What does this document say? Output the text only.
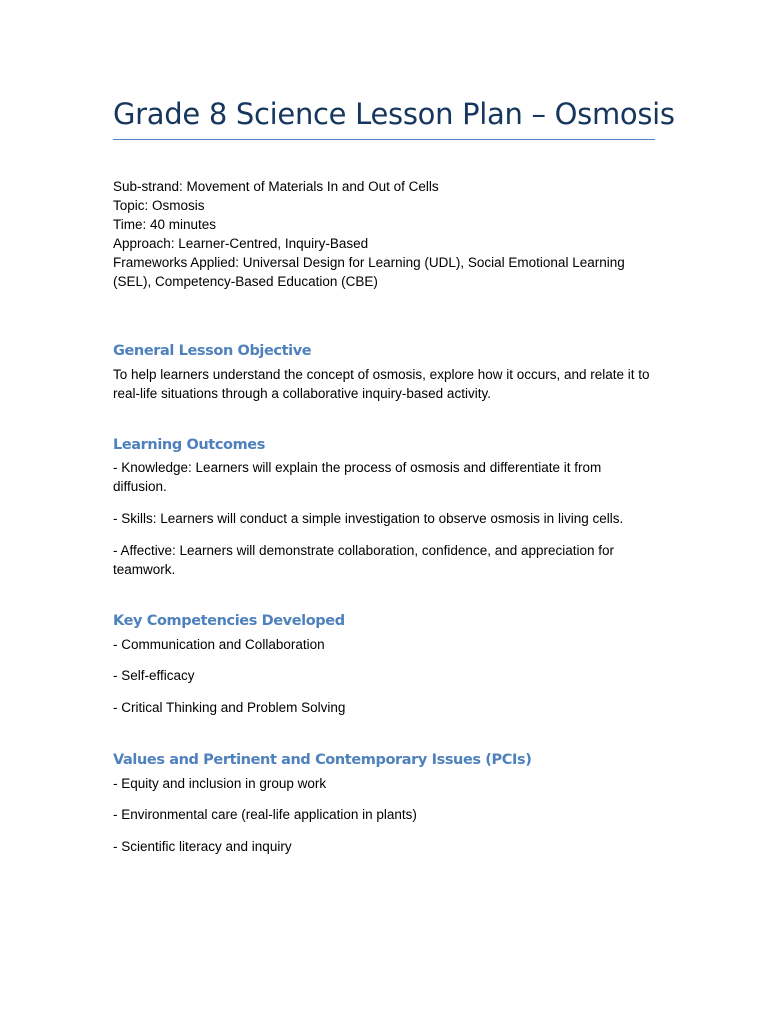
Grade 8 Science Lesson Plan – Osmosis
Sub-strand: Movement of Materials In and Out of Cells
Topic: Osmosis
Time: 40 minutes
Approach: Learner-Centred, Inquiry-Based
Frameworks Applied: Universal Design for Learning (UDL), Social Emotional Learning (SEL), Competency-Based Education (CBE)
General Lesson Objective

To help learners understand the concept of osmosis, explore how it occurs, and relate it to real-life situations through a collaborative inquiry-based activity.

Learning Outcomes

- Knowledge: Learners will explain the process of osmosis and differentiate it from diffusion.

- Skills: Learners will conduct a simple investigation to observe osmosis in living cells.

- Affective: Learners will demonstrate collaboration, confidence, and appreciation for teamwork.

Key Competencies Developed

- Communication and Collaboration

- Self-efficacy

- Critical Thinking and Problem Solving

Values and Pertinent and Contemporary Issues (PCIs)

- Equity and inclusion in group work

- Environmental care (real-life application in plants)

- Scientific literacy and inquiry
